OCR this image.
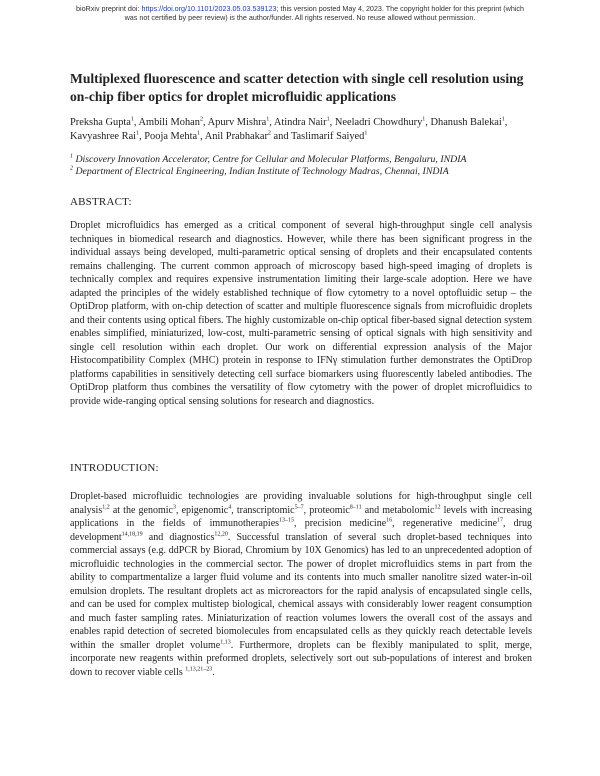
bioRxiv preprint doi: https://doi.org/10.1101/2023.05.03.539123; this version posted May 4, 2023. The copyright holder for this preprint (which
was not certified by peer review) is the author/funder. All rights reserved. No reuse allowed without permission.
Multiplexed fluorescence and scatter detection with single cell resolution using on-chip fiber optics for droplet microfluidic applications
Preksha Gupta$^1$, Ambili Mohan$^2$, Apurv Mishra$^1$, Atindra Nair$^1$, Neeladri Chowdhury$^1$, Dhanush Balekai$^1$, Kavyashree Rai$^1$, Pooja Mehta$^1$, Anil Prabhakar$^2$ and Taslimarif Saiyed$^1$
$^1$ Discovery Innovation Accelerator, Centre for Cellular and Molecular Platforms, Bengaluru, INDIA
$^2$ Department of Electrical Engineering, Indian Institute of Technology Madras, Chennai, INDIA
ABSTRACT:

Droplet microfluidics has emerged as a critical component of several high-throughput single cell analysis techniques in biomedical research and diagnostics. However, while there has been significant progress in the individual assays being developed, multi-parametric optical sensing of droplets and their encapsulated contents remains challenging. The current common approach of microscopy based high-speed imaging of droplets is technically complex and requires expensive instrumentation limiting their large-scale adoption. Here we have adapted the principles of the widely established technique of flow cytometry to a novel optofluidic setup – the OptiDrop platform, with on-chip detection of scatter and multiple fluorescence signals from microfluidic droplets and their contents using optical fibers. The highly customizable on-chip optical fiber-based signal detection system enables simplified, miniaturized, low-cost, multi-parametric sensing of optical signals with high sensitivity and single cell resolution within each droplet. Our work on differential expression analysis of the Major Histocompatibility Complex (MHC) protein in response to IFNγ stimulation further demonstrates the OptiDrop platforms capabilities in sensitively detecting cell surface biomarkers using fluorescently labeled antibodies. The OptiDrop platform thus combines the versatility of flow cytometry with the power of droplet microfluidics to provide wide-ranging optical sensing solutions for research and diagnostics.

INTRODUCTION:

Droplet-based microfluidic technologies are providing invaluable solutions for high-throughput single cell analysis$^{1,2}$ at the genomic$^3$, epigenomic$^4$, transcriptomic$^{5-7}$, proteomic$^{8-11}$ and metabolomic$^{12}$ levels with increasing applications in the fields of immunotherapies$^{13-15}$, precision medicine$^{16}$, regenerative medicine$^{17}$, drug development$^{14,18,19}$ and diagnostics$^{12,20}$. Successful translation of several such droplet-based techniques into commercial assays (e.g. ddPCR by Biorad, Chromium by 10X Genomics) has led to an unprecedented adoption of microfluidic technologies in the commercial sector. The power of droplet microfluidics stems in part from the ability to compartmentalize a larger fluid volume and its contents into much smaller nanolitre sized water-in-oil emulsion droplets. The resultant droplets act as microreactors for the rapid analysis of encapsulated single cells, and can be used for complex multistep biological, chemical assays with considerably lower reagent consumption and much faster sampling rates. Miniaturization of reaction volumes lowers the overall cost of the assays and enables rapid detection of secreted biomolecules from encapsulated cells as they quickly reach detectable levels within the smaller droplet volume$^{1,13}$. Furthermore, droplets can be flexibly manipulated to split, merge, incorporate new reagents within preformed droplets, selectively sort out sub-populations of interest and broken down to recover viable cells $^{1,13,21-23}$.
